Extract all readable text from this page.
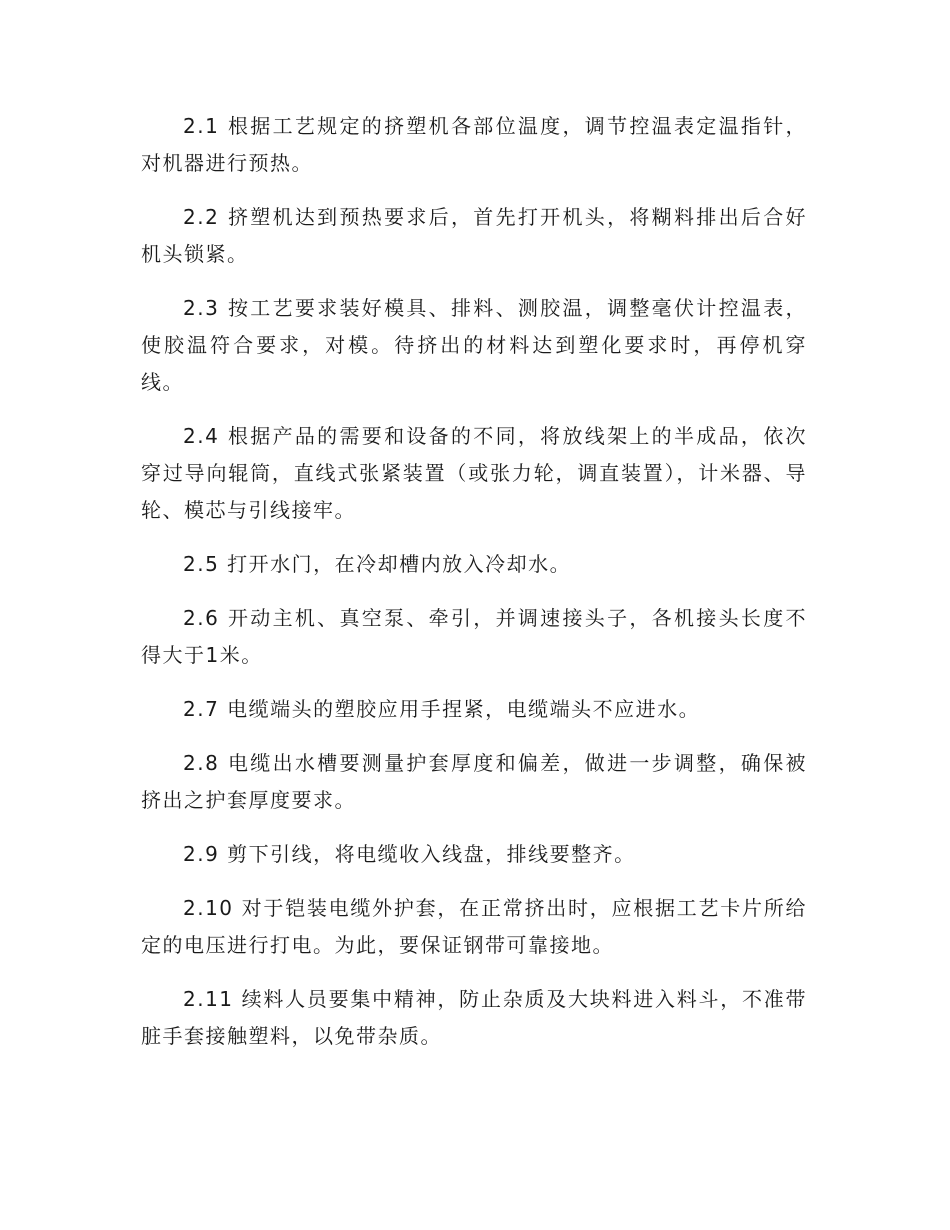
2.1 根据工艺规定的挤塑机各部位温度，调节控温表定温指针，对机器进行预热。

2.2 挤塑机达到预热要求后，首先打开机头，将糊料排出后合好机头锁紧。

2.3 按工艺要求装好模具、排料、测胶温，调整毫伏计控温表，使胶温符合要求，对模。待挤出的材料达到塑化要求时，再停机穿线。

2.4 根据产品的需要和设备的不同，将放线架上的半成品，依次穿过导向辊筒，直线式张紧装置（或张力轮，调直装置），计米器、导轮、模芯与引线接牢。

2.5 打开水门，在冷却槽内放入冷却水。

2.6 开动主机、真空泵、牵引，并调速接头子，各机接头长度不得大于1米。

2.7 电缆端头的塑胶应用手捏紧，电缆端头不应进水。

2.8 电缆出水槽要测量护套厚度和偏差，做进一步调整，确保被挤出之护套厚度要求。

2.9 剪下引线，将电缆收入线盘，排线要整齐。

2.10 对于铠装电缆外护套，在正常挤出时，应根据工艺卡片所给定的电压进行打电。为此，要保证钢带可靠接地。

2.11 续料人员要集中精神，防止杂质及大块料进入料斗，不准带脏手套接触塑料，以免带杂质。
